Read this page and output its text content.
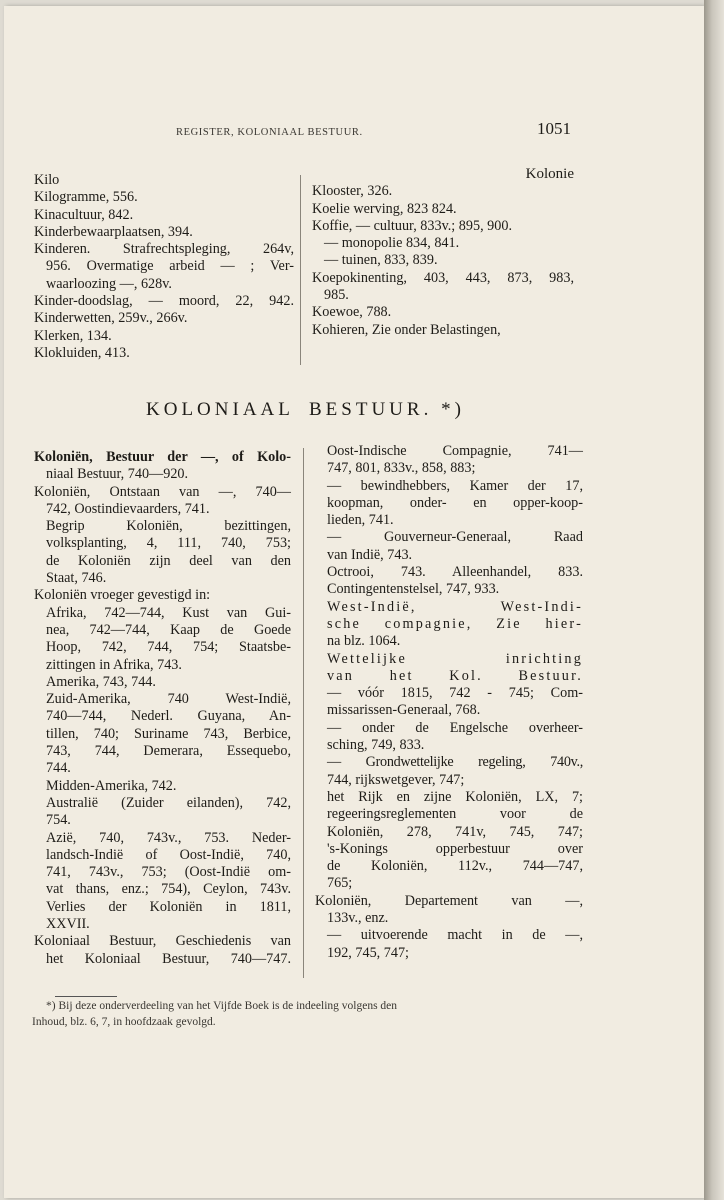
REGISTER, KOLONIAAL BESTUUR.	1051
Kilo
Kilogramme, 556.
Kinacultuur, 842.
Kinderbewaarplaatsen, 394.
Kinderen. Strafrechtspleging, 264v,
956. Overmatige arbeid — ; Ver-
waarloozing —, 628v.
Kinder-doodslag, — moord, 22, 942.
Kinderwetten, 259v., 266v.
Klerken, 134.
Klokluiden, 413.
Kolonie
Klooster, 326.
Koelie werving, 823 824.
Koffie, — cultuur, 833v.; 895, 900.
— monopolie 834, 841.
— tuinen, 833, 839.
Koepokinenting, 403, 443, 873, 983,
985.
Koewoe, 788.
Kohieren, Zie onder Belastingen,
KOLONIAAL BESTUUR. *)
Koloniën, Bestuur der —, of Kolo-
niaal Bestuur, 740—920.
Koloniën, Ontstaan van —, 740—
742, Oostindievaarders, 741.
Begrip Koloniën, bezittingen,
volksplanting, 4, 111, 740, 753;
de Koloniën zijn deel van den
Staat, 746.
Koloniën vroeger gevestigd in:
Afrika, 742—744, Kust van Gui-
nea, 742—744, Kaap de Goede
Hoop, 742, 744, 754; Staatsbe-
zittingen in Afrika, 743.
Amerika, 743, 744.
Zuid-Amerika, 740 West-Indië,
740—744, Nederl. Guyana, An-
tillen, 740; Suriname 743, Berbice,
743, 744, Demerara, Essequebo,
744.
Midden-Amerika, 742.
Australië (Zuider eilanden), 742,
754.
Azië, 740, 743v., 753. Neder-
landsch-Indië of Oost-Indië, 740,
741, 743v., 753; (Oost-Indië om-
vat thans, enz.; 754), Ceylon, 743v.
Verlies der Koloniën in 1811,
XXVII.
Koloniaal Bestuur, Geschiedenis van
het Koloniaal Bestuur, 740—747.
Oost-Indische Compagnie, 741—
747, 801, 833v., 858, 883;
— bewindhebbers, Kamer der 17,
koopman, onder- en opper-koop-
lieden, 741.
— Gouverneur-Generaal, Raad
van Indië, 743.
Octrooi, 743. Alleenhandel, 833.
Contingentenstelsel, 747, 933.
West-Indië, West-Indi-
sche compagnie, Zie hier-
na blz. 1064.
Wettelijke inrichting
van het Kol. Bestuur.
— vóór 1815, 742 - 745; Com-
missarissen-Generaal, 768.
— onder de Engelsche overheer-
sching, 749, 833.
— Grondwettelijke regeling, 740v.,
744, rijkswetgever, 747;
het Rijk en zijne Koloniën, LX, 7;
regeeringsreglementen voor de
Koloniën, 278, 741v, 745, 747;
's-Konings opperbestuur over
de Koloniën, 112v., 744—747,
765;
Koloniën, Departement van —,
133v., enz.
— uitvoerende macht in de —,
192, 745, 747;
*) Bij deze onderverdeeling van het Vijfde Boek is de indeeling volgens den
Inhoud, blz. 6, 7, in hoofdzaak gevolgd.
